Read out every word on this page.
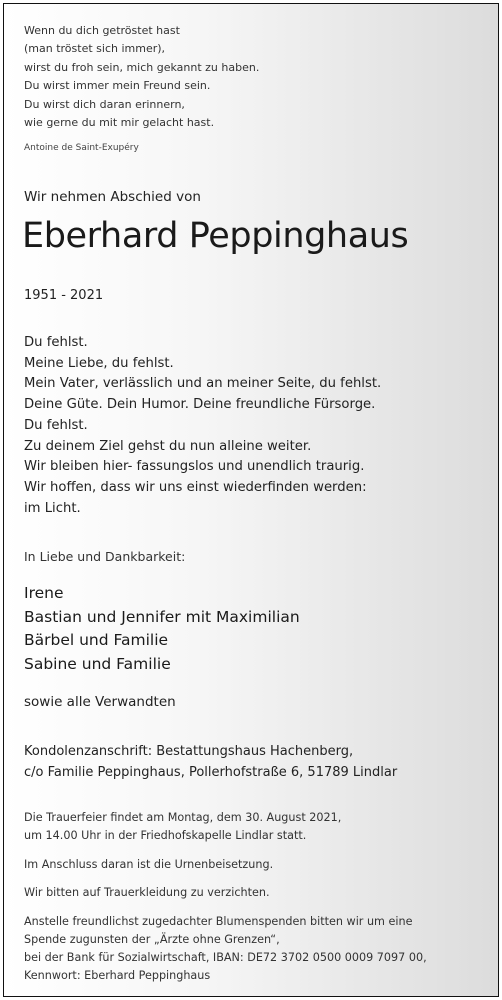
Wenn du dich getröstet hast
(man tröstet sich immer),
wirst du froh sein, mich gekannt zu haben.
Du wirst immer mein Freund sein.
Du wirst dich daran erinnern,
wie gerne du mit mir gelacht hast.
Antoine de Saint-Exupéry
Wir nehmen Abschied von
Eberhard Peppinghaus
1951 - 2021
Du fehlst.
Meine Liebe, du fehlst.
Mein Vater, verlässlich und an meiner Seite, du fehlst.
Deine Güte. Dein Humor. Deine freundliche Fürsorge.
Du fehlst.
Zu deinem Ziel gehst du nun alleine weiter.
Wir bleiben hier- fassungslos und unendlich traurig.
Wir hoffen, dass wir uns einst wiederfinden werden:
im Licht.
In Liebe und Dankbarkeit:
Irene
Bastian und Jennifer mit Maximilian
Bärbel und Familie
Sabine und Familie
sowie alle Verwandten
Kondolenzanschrift: Bestattungshaus Hachenberg,
c/o Familie Peppinghaus, Pollerhofstraße 6, 51789 Lindlar
Die Trauerfeier findet am Montag, dem 30. August 2021,
um 14.00 Uhr in der Friedhofskapelle Lindlar statt.
Im Anschluss daran ist die Urnenbeisetzung.
Wir bitten auf Trauerkleidung zu verzichten.
Anstelle freundlichst zugedachter Blumenspenden bitten wir um eine
Spende zugunsten der „Ärzte ohne Grenzen“,
bei der Bank für Sozialwirtschaft, IBAN: DE72 3702 0500 0009 7097 00,
Kennwort: Eberhard Peppinghaus
